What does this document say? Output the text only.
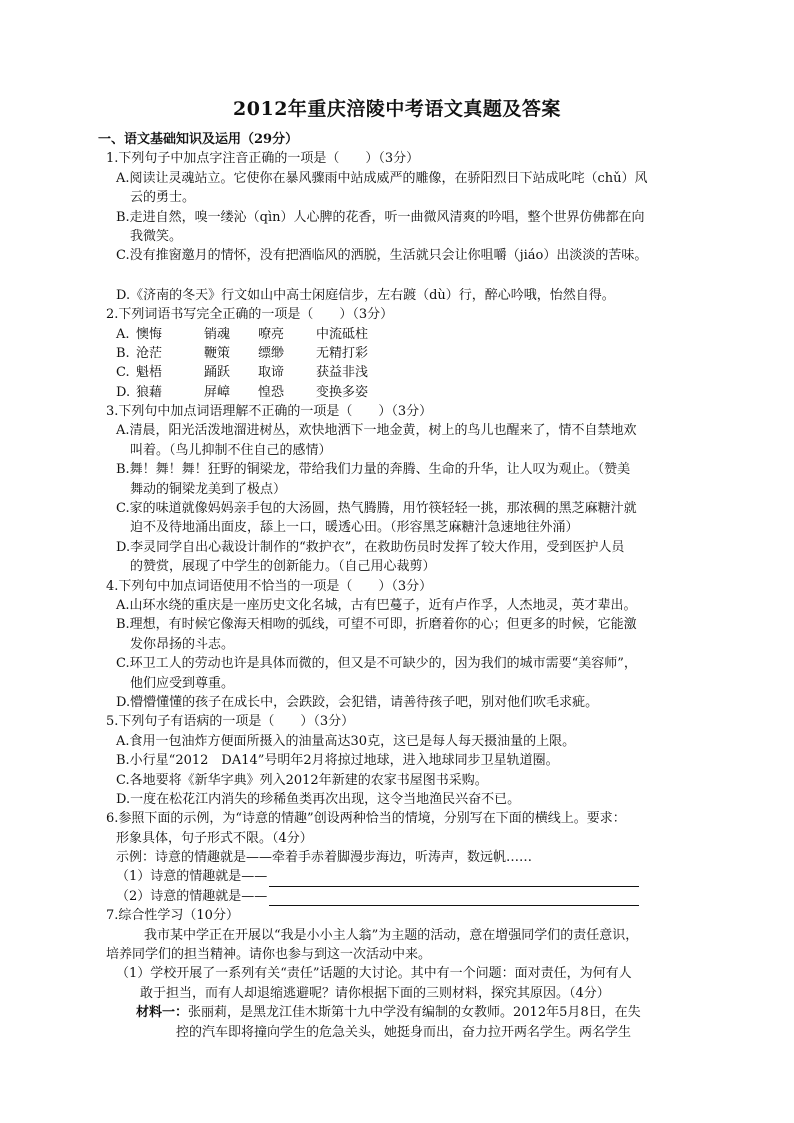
2012年重庆涪陵中考语文真题及答案
一、语文基础知识及运用（29分）
1.下列句子中加点字注音正确的一项是（　　）（3分）
A.阅读让灵魂站立。它使你在暴风骤雨中站成威严的雕像，在骄阳烈日下站成叱咤（chǔ）风
云的勇士。
B.走进自然，嗅一缕沁（qìn）人心脾的花香，听一曲微风清爽的吟唱，整个世界仿佛都在向
我微笑。
C.没有推窗邀月的情怀，没有把酒临风的洒脱，生活就只会让你咀嚼（jiáo）出淡淡的苦味。
D.《济南的冬天》行文如山中高士闲庭信步，左右踱（dù）行，醉心吟哦，怡然自得。
2.下列词语书写完全正确的一项是（　　）（3分）
A. 懊悔	销魂	嘹亮	中流砥柱
B. 沧茫	鞭策	缥缈	无精打彩
C. 魁梧	踊跃	取谛	获益非浅
D. 狼藉	屏嶂	惶恐	变换多姿
3.下列句中加点词语理解不正确的一项是（　　）（3分）
A.清晨，阳光活泼地溜进树丛，欢快地洒下一地金黄，树上的鸟儿也醒来了，情不自禁地欢
叫着。（鸟儿抑制不住自己的感情）
B.舞！舞！舞！狂野的铜梁龙，带给我们力量的奔腾、生命的升华，让人叹为观止。（赞美
舞动的铜梁龙美到了极点）
C.家的味道就像妈妈亲手包的大汤圆，热气腾腾，用竹筷轻轻一挑，那浓稠的黑芝麻糖汁就
迫不及待地涌出面皮，舔上一口，暖透心田。（形容黑芝麻糖汁急速地往外涌）
D.李灵同学自出心裁设计制作的“救护衣”，在救助伤员时发挥了较大作用，受到医护人员
的赞赏，展现了中学生的创新能力。（自己用心裁剪）
4.下列句中加点词语使用不恰当的一项是（　　）（3分）
A.山环水绕的重庆是一座历史文化名城，古有巴蔓子，近有卢作孚，人杰地灵，英才辈出。
B.理想，有时候它像海天相吻的弧线，可望不可即，折磨着你的心；但更多的时候，它能激
发你昂扬的斗志。
C.环卫工人的劳动也许是具体而微的，但又是不可缺少的，因为我们的城市需要“美容师”，
他们应受到尊重。
D.懵懵懂懂的孩子在成长中，会跌跤，会犯错，请善待孩子吧，别对他们吹毛求疵。
5.下列句子有语病的一项是（　　）（3分）
A.食用一包油炸方便面所摄入的油量高达30克，这已是每人每天摄油量的上限。
B.小行星“2012　DA14”号明年2月将掠过地球，进入地球同步卫星轨道圈。
C.各地要将《新华字典》列入2012年新建的农家书屋图书采购。
D.一度在松花江内消失的珍稀鱼类再次出现，这令当地渔民兴奋不已。
6.参照下面的示例，为“诗意的情趣”创设两种恰当的情境，分别写在下面的横线上。要求：
形象具体，句子形式不限。（4分）
示例：诗意的情趣就是——牵着手赤着脚漫步海边，听涛声，数远帆……
（1）诗意的情趣就是——
（2）诗意的情趣就是——
7.综合性学习（10分）
我市某中学正在开展以“我是小小主人翁”为主题的活动，意在增强同学们的责任意识，
培养同学们的担当精神。请你也参与到这一次活动中来。
（1）学校开展了一系列有关“责任”话题的大讨论。其中有一个问题：面对责任，为何有人
敢于担当，而有人却退缩逃避呢？请你根据下面的三则材料，探究其原因。（4分）
材料一：张丽莉，是黑龙江佳木斯第十九中学没有编制的女教师。2012年5月8日，在失
控的汽车即将撞向学生的危急关头，她挺身而出，奋力拉开两名学生。两名学生
